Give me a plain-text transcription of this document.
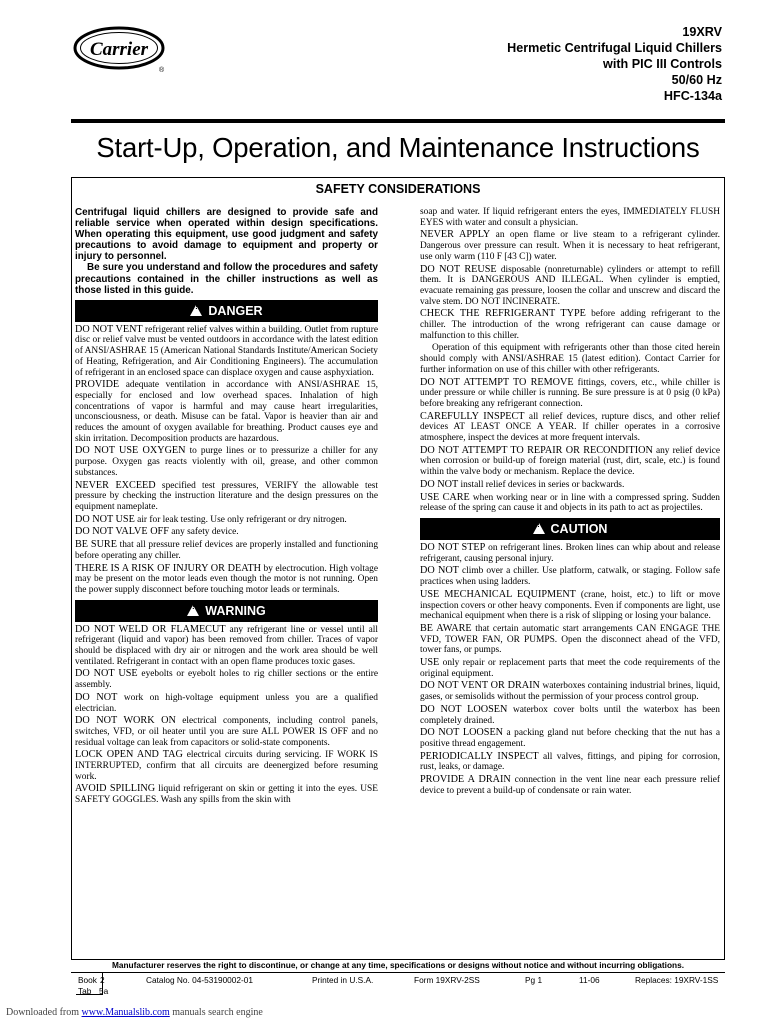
Carrier
®
19XRV
Hermetic Centrifugal Liquid Chillers
with PIC III Controls
50/60 Hz
HFC-134a
Start-Up, Operation, and Maintenance Instructions
SAFETY CONSIDERATIONS

Centrifugal liquid chillers are designed to provide safe and reliable service when operated within design specifications. When operating this equipment, use good judgment and safety precautions to avoid damage to equipment and property or injury to personnel.

Be sure you understand and follow the procedures and safety precautions contained in the chiller instructions as well as those listed in this guide.

! DANGER

DO NOT VENT refrigerant relief valves within a building. Outlet from rupture disc or relief valve must be vented outdoors in accordance with the latest edition of ANSI/ASHRAE 15 (American National Standards Institute/American Society of Heating, Refrigeration, and Air Conditioning Engineers). The accumulation of refrigerant in an enclosed space can displace oxygen and cause asphyxiation.

PROVIDE adequate ventilation in accordance with ANSI/ASHRAE 15, especially for enclosed and low overhead spaces. Inhalation of high concentrations of vapor is harmful and may cause heart irregularities, unconsciousness, or death. Misuse can be fatal. Vapor is heavier than air and reduces the amount of oxygen available for breathing. Product causes eye and skin irritation. Decomposition products are hazardous.

DO NOT USE OXYGEN to purge lines or to pressurize a chiller for any purpose. Oxygen gas reacts violently with oil, grease, and other common substances.

NEVER EXCEED specified test pressures, VERIFY the allowable test pressure by checking the instruction literature and the design pressures on the equipment nameplate.

DO NOT USE air for leak testing. Use only refrigerant or dry nitrogen.

DO NOT VALVE OFF any safety device.

BE SURE that all pressure relief devices are properly installed and functioning before operating any chiller.

THERE IS A RISK OF INJURY OR DEATH by electrocution. High voltage may be present on the motor leads even though the motor is not running. Open the power supply disconnect before touching motor leads or terminals.

! WARNING

DO NOT WELD OR FLAMECUT any refrigerant line or vessel until all refrigerant (liquid and vapor) has been removed from chiller. Traces of vapor should be displaced with dry air or nitrogen and the work area should be well ventilated. Refrigerant in contact with an open flame produces toxic gases.

DO NOT USE eyebolts or eyebolt holes to rig chiller sections or the entire assembly.

DO NOT work on high-voltage equipment unless you are a qualified electrician.

DO NOT WORK ON electrical components, including control panels, switches, VFD, or oil heater until you are sure ALL POWER IS OFF and no residual voltage can leak from capacitors or solid-state components.

LOCK OPEN AND TAG electrical circuits during servicing. IF WORK IS INTERRUPTED, confirm that all circuits are deenergized before resuming work.

AVOID SPILLING liquid refrigerant on skin or getting it into the eyes. USE SAFETY GOGGLES. Wash any spills from the skin with

soap and water. If liquid refrigerant enters the eyes, IMMEDIATELY FLUSH EYES with water and consult a physician.

NEVER APPLY an open flame or live steam to a refrigerant cylinder. Dangerous over pressure can result. When it is necessary to heat refrigerant, use only warm (110 F [43 C]) water.

DO NOT REUSE disposable (nonreturnable) cylinders or attempt to refill them. It is DANGEROUS AND ILLEGAL. When cylinder is emptied, evacuate remaining gas pressure, loosen the collar and unscrew and discard the valve stem. DO NOT INCINERATE.

CHECK THE REFRIGERANT TYPE before adding refrigerant to the chiller. The introduction of the wrong refrigerant can cause damage or malfunction to this chiller.

Operation of this equipment with refrigerants other than those cited herein should comply with ANSI/ASHRAE 15 (latest edition). Contact Carrier for further information on use of this chiller with other refrigerants.

DO NOT ATTEMPT TO REMOVE fittings, covers, etc., while chiller is under pressure or while chiller is running. Be sure pressure is at 0 psig (0 kPa) before breaking any refrigerant connection.

CAREFULLY INSPECT all relief devices, rupture discs, and other relief devices AT LEAST ONCE A YEAR. If chiller operates in a corrosive atmosphere, inspect the devices at more frequent intervals.

DO NOT ATTEMPT TO REPAIR OR RECONDITION any relief device when corrosion or build-up of foreign material (rust, dirt, scale, etc.) is found within the valve body or mechanism. Replace the device.

DO NOT install relief devices in series or backwards.

USE CARE when working near or in line with a compressed spring. Sudden release of the spring can cause it and objects in its path to act as projectiles.

! CAUTION

DO NOT STEP on refrigerant lines. Broken lines can whip about and release refrigerant, causing personal injury.

DO NOT climb over a chiller. Use platform, catwalk, or staging. Follow safe practices when using ladders.

USE MECHANICAL EQUIPMENT (crane, hoist, etc.) to lift or move inspection covers or other heavy components. Even if components are light, use mechanical equipment when there is a risk of slipping or losing your balance.

BE AWARE that certain automatic start arrangements CAN ENGAGE THE VFD, TOWER FAN, OR PUMPS. Open the disconnect ahead of the VFD, tower fans, or pumps.

USE only repair or replacement parts that meet the code requirements of the original equipment.

DO NOT VENT OR DRAIN waterboxes containing industrial brines, liquid, gases, or semisolids without the permission of your process control group.

DO NOT LOOSEN waterbox cover bolts until the waterbox has been completely drained.

DO NOT LOOSEN a packing gland nut before checking that the nut has a positive thread engagement.

PERIODICALLY INSPECT all valves, fittings, and piping for corrosion, rust, leaks, or damage.

PROVIDE A DRAIN connection in the vent line near each pressure relief device to prevent a build-up of condensate or rain water.

Manufacturer reserves the right to discontinue, or change at any time, specifications or designs without notice and without incurring obligations.
Book 2
Tab 5a
Catalog No. 04-53190002-01	Printed in U.S.A.	Form 19XRV-2SS	Pg 1	11-06	Replaces: 19XRV-1SS
Downloaded from www.Manualslib.com manuals search engine
